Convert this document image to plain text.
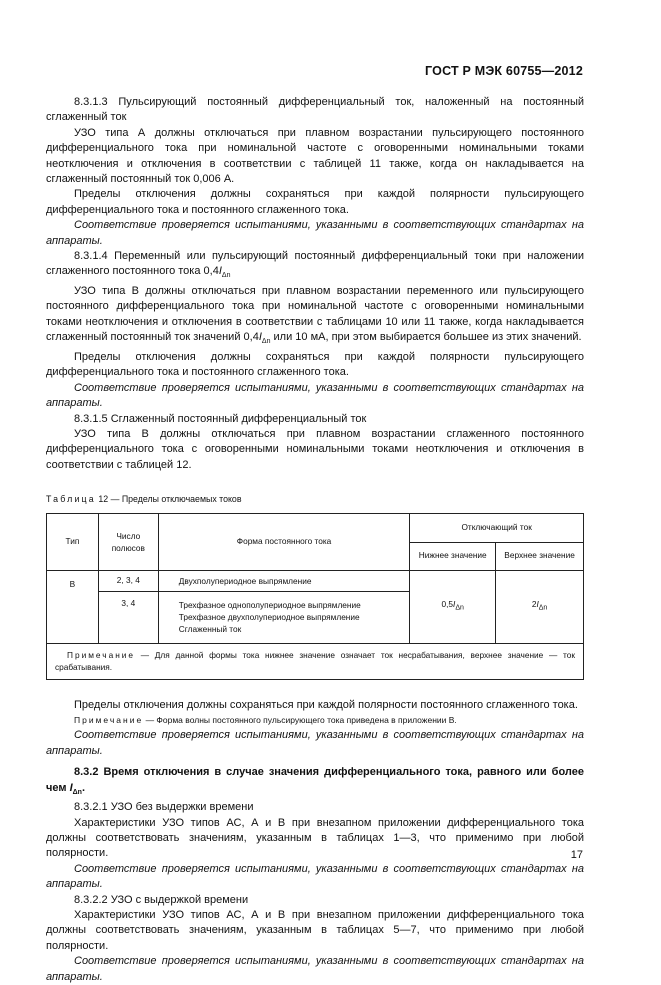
ГОСТ Р МЭК 60755—2012

8.3.1.3 Пульсирующий постоянный дифференциальный ток, наложенный на постоянный сглаженный ток

УЗО типа А должны отключаться при плавном возрастании пульсирующего постоянного дифференциального тока при номинальной частоте с оговоренными номинальными токами неотключения и отключения в соответствии с таблицей 11 также, когда он накладывается на сглаженный постоянный ток 0,006 А.

Пределы отключения должны сохраняться при каждой полярности пульсирующего дифференциального тока и постоянного сглаженного тока.

Соответствие проверяется испытаниями, указанными в соответствующих стандартах на аппараты.

8.3.1.4 Переменный или пульсирующий постоянный дифференциальный токи при наложении сглаженного постоянного тока $0,4I_{\Delta n}$

УЗО типа В должны отключаться при плавном возрастании переменного или пульсирующего постоянного дифференциального тока при номинальной частоте с оговоренными номинальными токами неотключения и отключения в соответствии с таблицами 10 или 11 также, когда накладывается сглаженный постоянный ток значений $0,4I_{\Delta n}$ или 10 мА, при этом выбирается большее из этих значений.

Пределы отключения должны сохраняться при каждой полярности пульсирующего дифференциального тока и постоянного сглаженного тока.

Соответствие проверяется испытаниями, указанными в соответствующих стандартах на аппараты.

8.3.1.5 Сглаженный постоянный дифференциальный ток

УЗО типа В должны отключаться при плавном возрастании сглаженного постоянного дифференциального тока с оговоренными номинальными токами неотключения и отключения в соответствии с таблицей 12.

Таблица 12 — Пределы отключаемых токов

Тип	Число полюсов	Форма постоянного тока	Отключающий ток	
			Нижнее значение	Верхнее значение
В	2, 3, 4	Двухполупериодное выпрямление	$0,5I_{\Delta n}$	$2I_{\Delta n}$
	3, 4	Трехфазное однополупериодное выпрямление
Трехфазное двухполупериодное выпрямление
Сглаженный ток		

Примечание — Для данной формы тока нижнее значение означает ток несрабатывания, верхнее значение — ток срабатывания.				

Пределы отключения должны сохраняться при каждой полярности постоянного сглаженного тока.

Примечание — Форма волны постоянного пульсирующего тока приведена в приложении В.

Соответствие проверяется испытаниями, указанными в соответствующих стандартах на аппараты.

8.3.2 Время отключения в случае значения дифференциального тока, равного или более чем $I_{\Delta n}$.

8.3.2.1 УЗО без выдержки времени

Характеристики УЗО типов АС, А и В при внезапном приложении дифференциального тока должны соответствовать значениям, указанным в таблицах 1—3, что применимо при любой полярности.

Соответствие проверяется испытаниями, указанными в соответствующих стандартах на аппараты.

8.3.2.2 УЗО с выдержкой времени

Характеристики УЗО типов АС, А и В при внезапном приложении дифференциального тока должны соответствовать значениям, указанным в таблицах 5—7, что применимо при любой полярности.

Соответствие проверяется испытаниями, указанными в соответствующих стандартах на аппараты.

17
